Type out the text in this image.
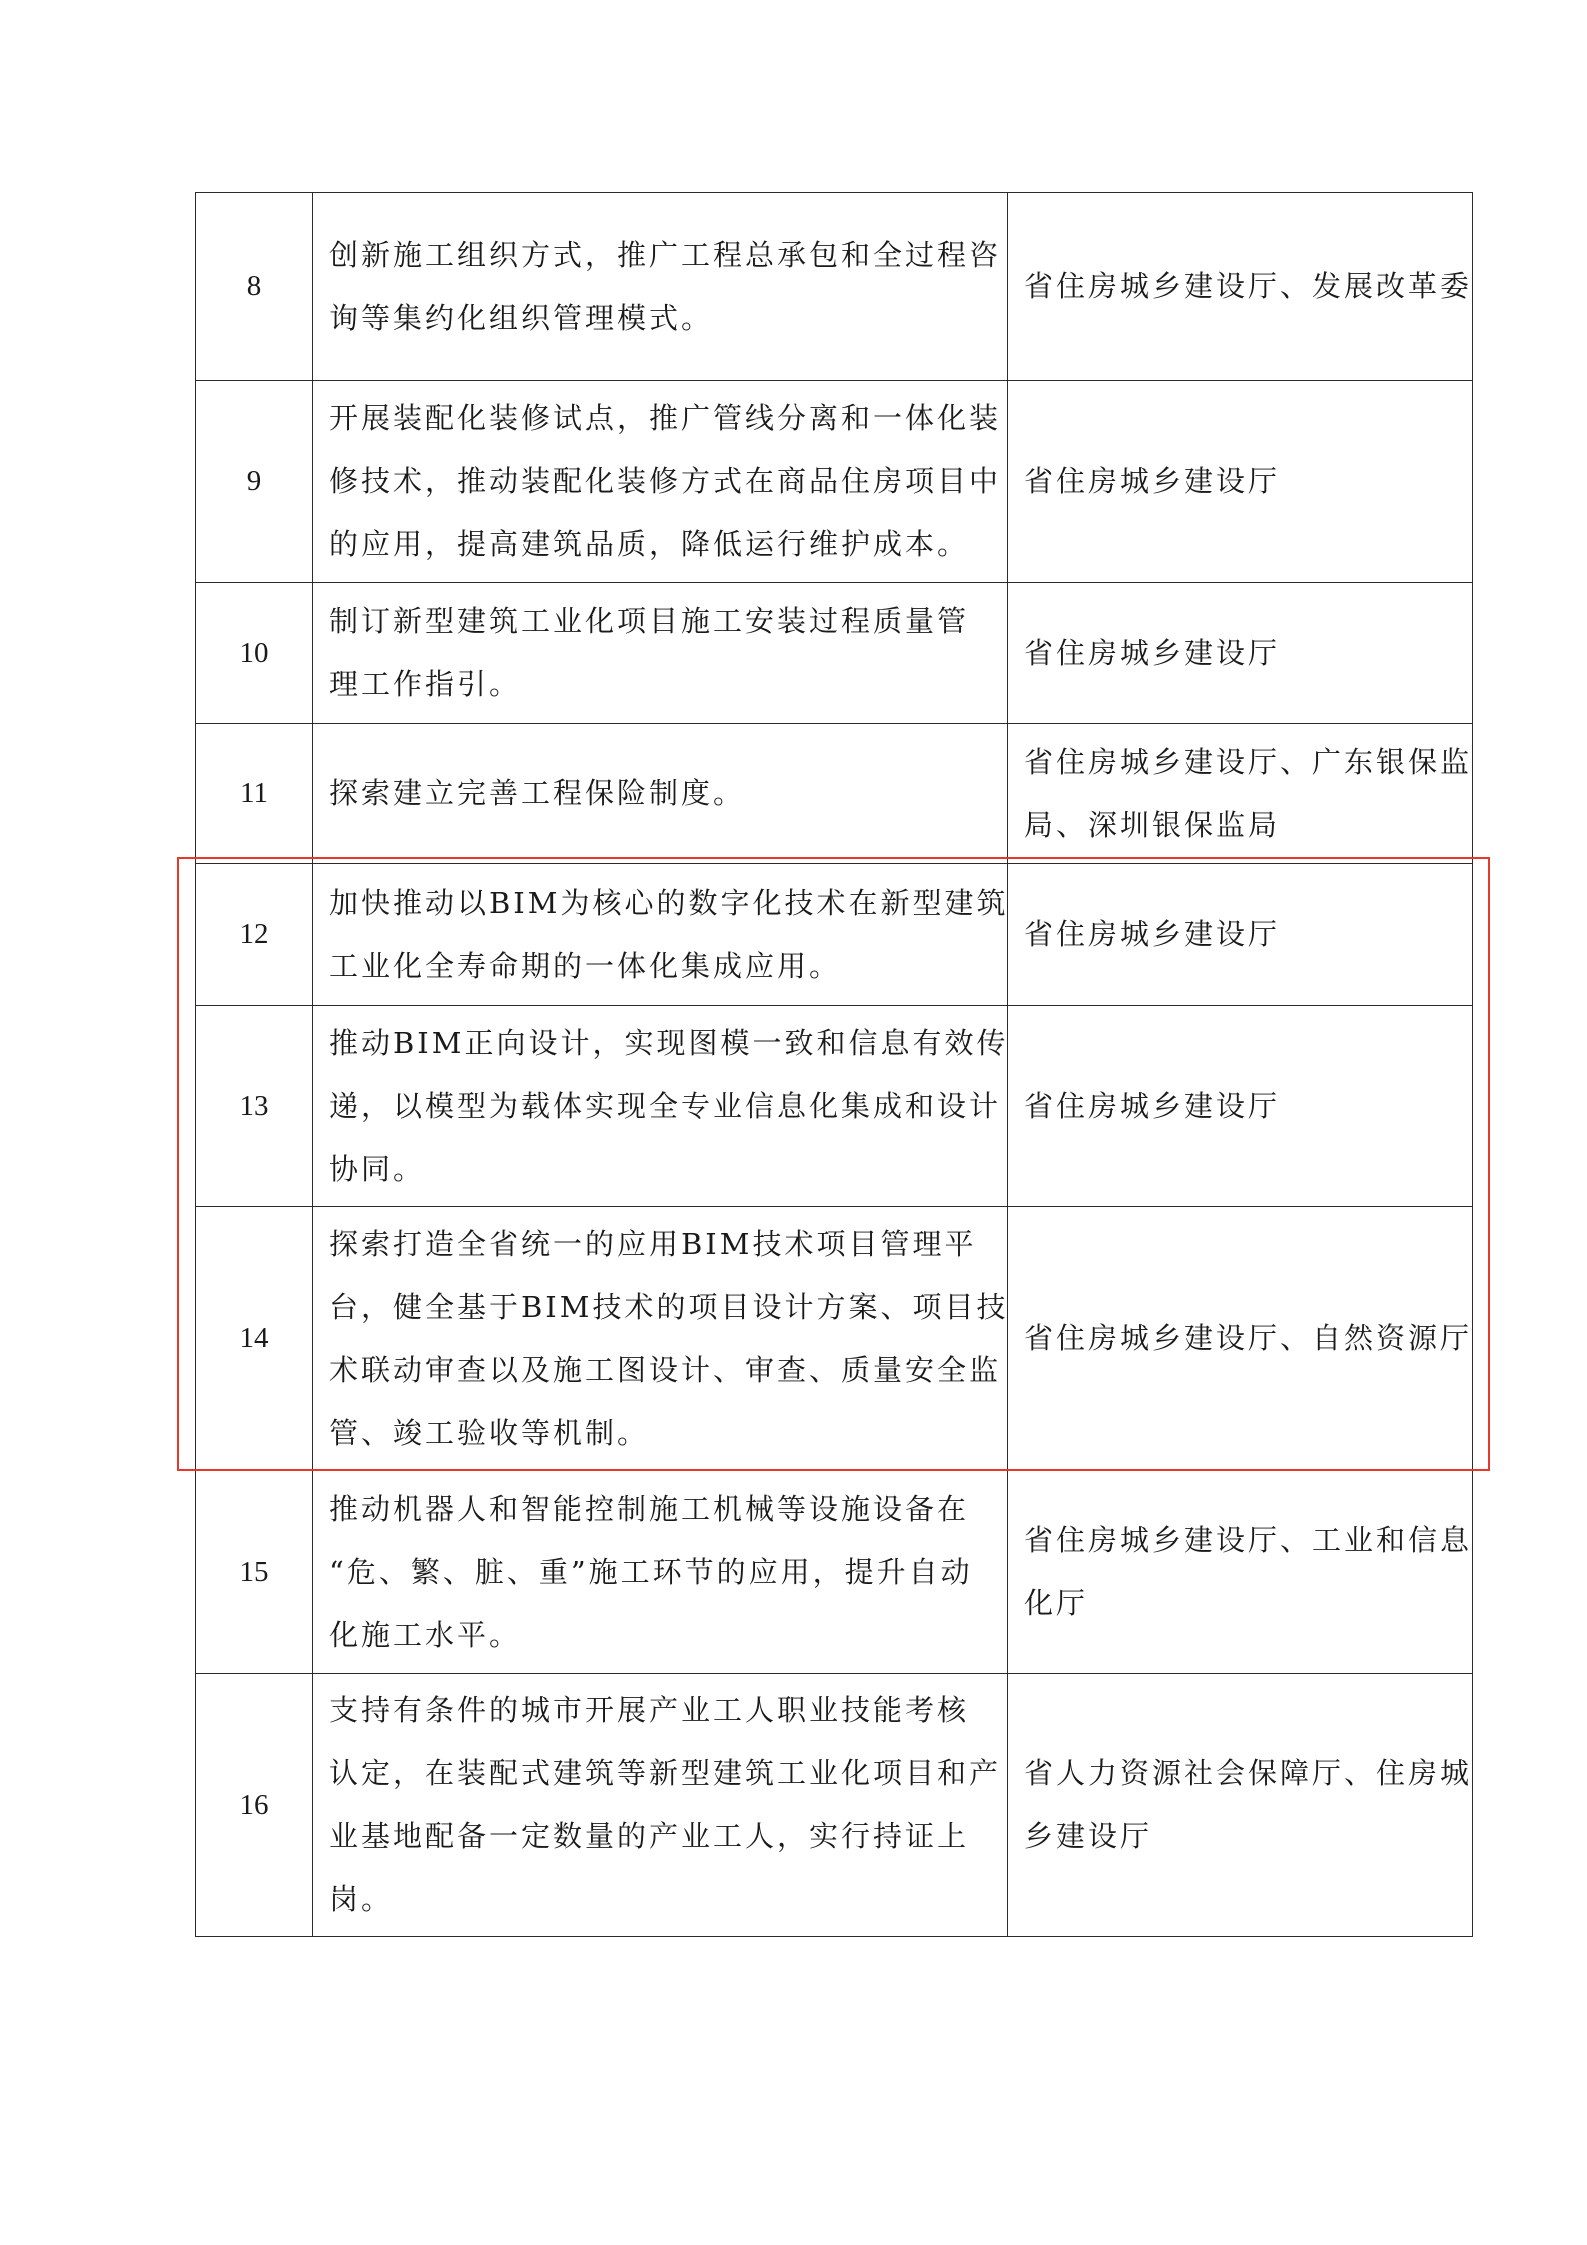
8	创新施工组织方式，推广工程总承包和全过程咨
询等集约化组织管理模式。	省住房城乡建设厅、发展改革委

9	开展装配化装修试点，推广管线分离和一体化装
修技术，推动装配化装修方式在商品住房项目中
的应用，提高建筑品质，降低运行维护成本。	省住房城乡建设厅

10	制订新型建筑工业化项目施工安装过程质量管
理工作指引。	省住房城乡建设厅

11	探索建立完善工程保险制度。	省住房城乡建设厅、广东银保监
局、深圳银保监局

12	加快推动以BIM为核心的数字化技术在新型建筑
工业化全寿命期的一体化集成应用。	省住房城乡建设厅

13	推动BIM正向设计，实现图模一致和信息有效传
递，以模型为载体实现全专业信息化集成和设计
协同。	省住房城乡建设厅

14	探索打造全省统一的应用BIM技术项目管理平
台，健全基于BIM技术的项目设计方案、项目技
术联动审查以及施工图设计、审查、质量安全监
管、竣工验收等机制。	省住房城乡建设厅、自然资源厅

15	推动机器人和智能控制施工机械等设施设备在
“危、繁、脏、重”施工环节的应用，提升自动
化施工水平。	省住房城乡建设厅、工业和信息
化厅

16	支持有条件的城市开展产业工人职业技能考核
认定，在装配式建筑等新型建筑工业化项目和产
业基地配备一定数量的产业工人，实行持证上
岗。	省人力资源社会保障厅、住房城
乡建设厅
